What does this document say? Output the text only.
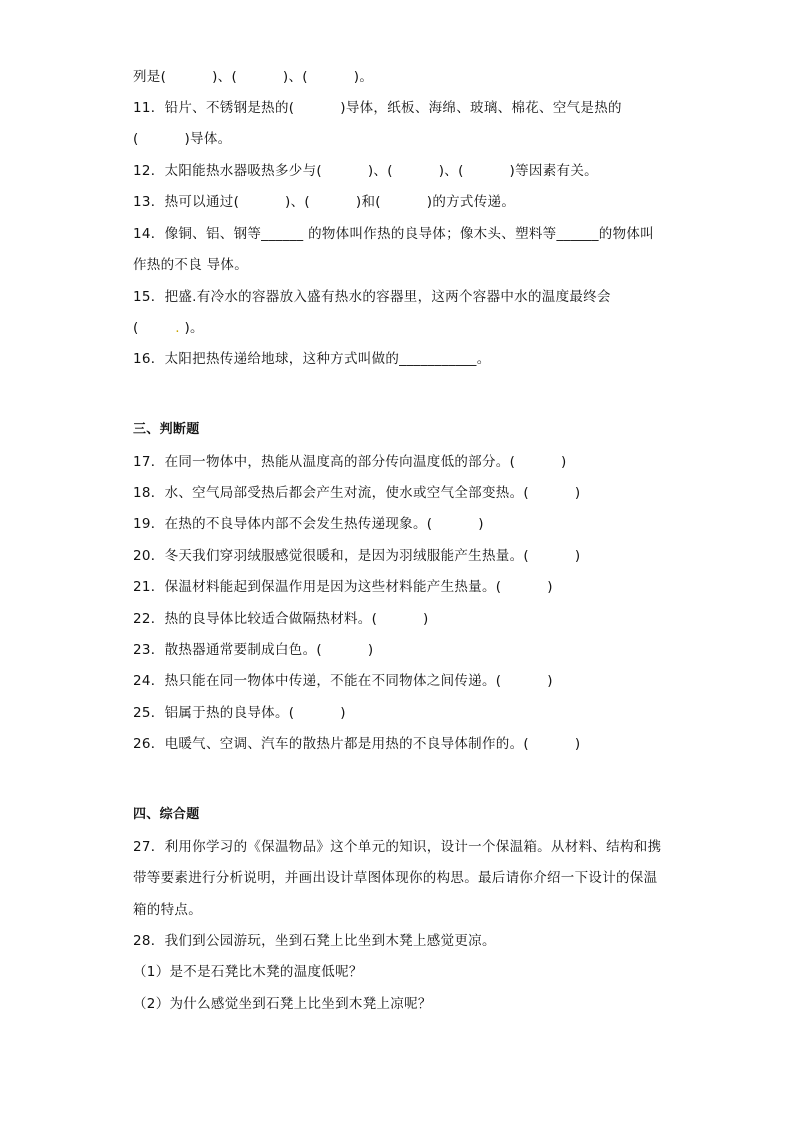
列是(          )、(          )、(          )。
11．铅片、不锈钢是热的(          )导体，纸板、海绵、玻璃、棉花、空气是热的
(          )导体。
12．太阳能热水器吸热多少与(          )、(          )、(          )等因素有关。
13．热可以通过(          )、(          )和(          )的方式传递。
14．像铜、铝、钢等______ 的物体叫作热的良导体；像木头、塑料等______的物体叫
作热的不良 导体。
15．把盛.有冷水的容器放入盛有热水的容器里，这两个容器中水的温度最终会
(        . )。
16．太阳把热传递给地球，这种方式叫做的___________。
三、判断题
17．在同一物体中，热能从温度高的部分传向温度低的部分。(          )
18．水、空气局部受热后都会产生对流，使水或空气全部变热。(          )
19．在热的不良导体内部不会发生热传递现象。(          )
20．冬天我们穿羽绒服感觉很暖和，是因为羽绒服能产生热量。(          )
21．保温材料能起到保温作用是因为这些材料能产生热量。(          )
22．热的良导体比较适合做隔热材料。(          )
23．散热器通常要制成白色。(          )
24．热只能在同一物体中传递，不能在不同物体之间传递。(          )
25．铝属于热的良导体。(          )
26．电暖气、空调、汽车的散热片都是用热的不良导体制作的。(          )
四、综合题
27．利用你学习的《保温物品》这个单元的知识，设计一个保温箱。从材料、结构和携
带等要素进行分析说明，并画出设计草图体现你的构思。最后请你介绍一下设计的保温
箱的特点。
28．我们到公园游玩，坐到石凳上比坐到木凳上感觉更凉。
（1）是不是石凳比木凳的温度低呢？
（2）为什么感觉坐到石凳上比坐到木凳上凉呢？
